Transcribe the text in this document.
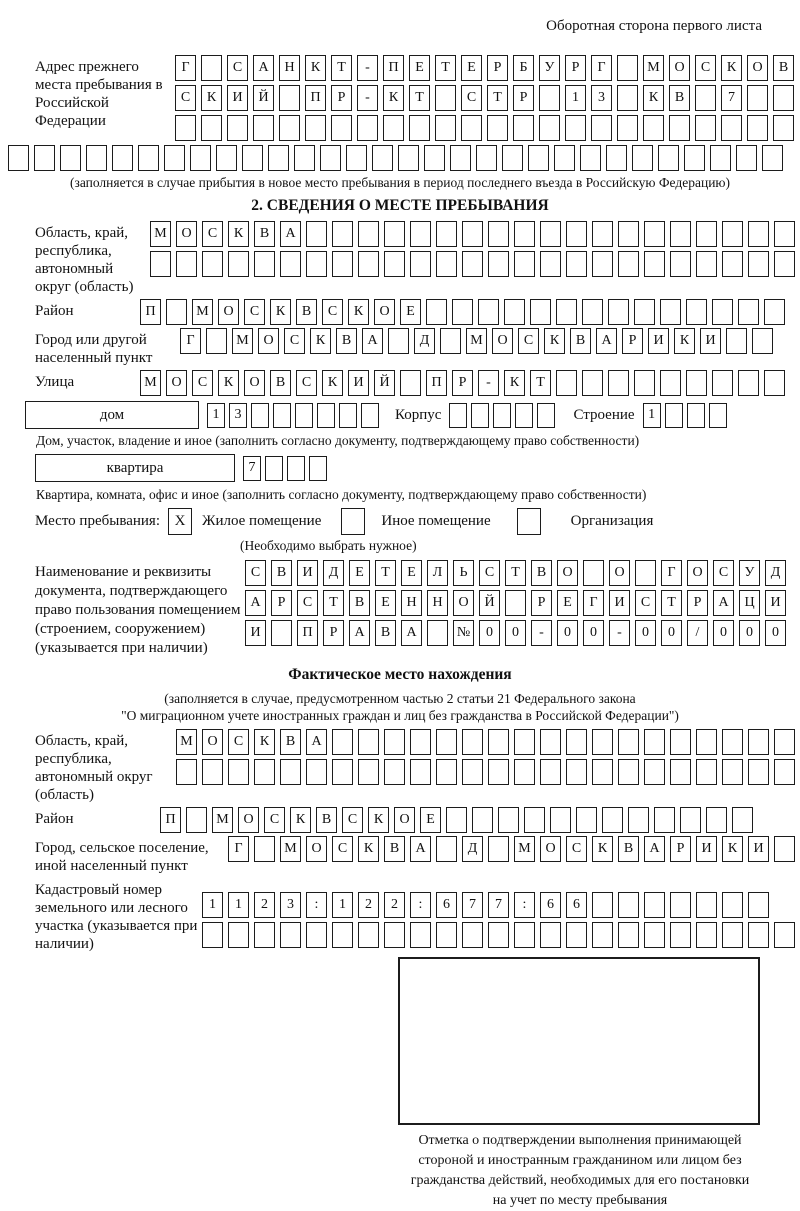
Оборотная сторона первого листа
Адрес прежнего места пребывания в Российской Федерации
Г	С	А	Н	К	Т	-	П	Е	Т	Е	Р	Б	У	Р	Г	М	О	С	К	О	В
С	К	И	Й	П	Р	-	К	Т	С	Т	Р	1	3	К	В	7
(заполняется в случае прибытия в новое место пребывания в период последнего въезда в Российскую Федерацию)
2. СВЕДЕНИЯ О МЕСТЕ ПРЕБЫВАНИЯ
Область, край, республика, автономный округ (область)
М	О	С	К	В	А
Район	П	М	О	С	К	В	С	К	О	Е
Город или другой населенный пункт
Г	М	О	С	К	В	А	Д	М	О	С	К	В	А	Р	И	К	И
Улица	М	О	С	К	О	В	С	К	И	Й	П	Р	-	К	Т
дом	1	3	Корпус	Строение 1
Дом, участок, владение и иное (заполнить согласно документу, подтверждающему право собственности)
квартира	7
Квартира, комната, офис и иное (заполнить согласно документу, подтверждающему право собственности)
Место пребывания: X	Жилое помещение	Иное помещение	Организация
(Необходимо выбрать нужное)
Наименование и реквизиты документа, подтверждающего право пользования помещением (строением, сооружением) (указывается при наличии)
С	В	И	Д	Е	Т	Е	Л	Ь	С	Т	В	О	О	Г	О	С	У	Д
А	Р	С	Т	В	Е	Н	Н	О	Й	Р	Е	Г	И	С	Т	Р	А	Ц	И
И	П	Р	А	В	А	№	0	0	-	0	0	-	0	0	/	0	0	0
Фактическое место нахождения
(заполняется в случае, предусмотренном частью 2 статьи 21 Федерального закона
"О миграционном учете иностранных граждан и лиц без гражданства в Российской Федерации")
Область, край, республика, автономный округ (область)
М	О	С	К	В	А
Район	П	М	О	С	К	В	С	К	О	Е
Город, сельское поселение, иной населенный пункт
Г	М	О	С	К	В	А	Д	М	О	С	К	В	А	Р	И	К	И
Кадастровый номер земельного или лесного участка (указывается при наличии)
1	1	2	3	:	1	2	2	:	6	7	7	:	6	6
Отметка о подтверждении выполнения принимающей
стороной и иностранным гражданином или лицом без
гражданства действий, необходимых для его постановки
на учет по месту пребывания
